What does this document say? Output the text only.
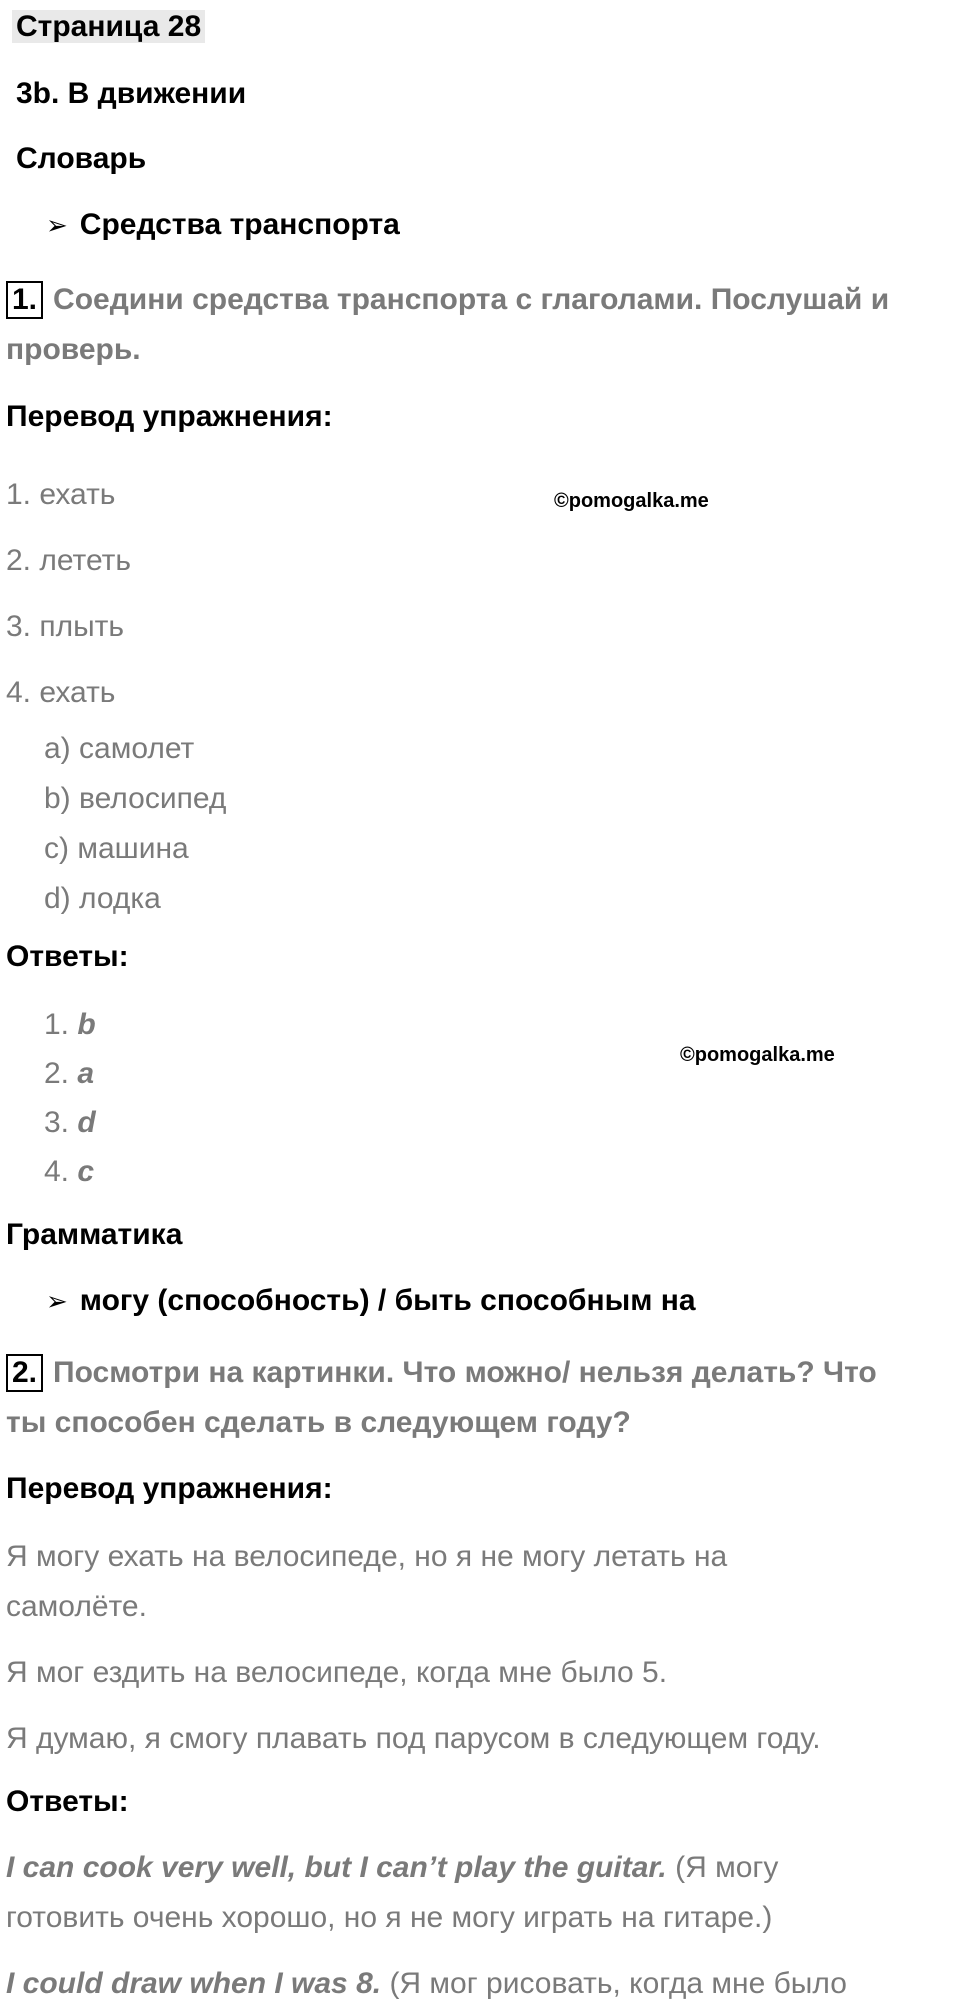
Страница 28
3b. В движении
Словарь
➢ Средства транспорта
1. Соедини средства транспорта с глаголами. Послушай и
проверь.
Перевод упражнения:
©pomogalka.me
1. ехать
2. лететь
3. плыть
4. ехать
a) самолет
b) велосипед
c) машина
d) лодка
Ответы:
1. b
2. a
3. d
4. c
©pomogalka.me
Грамматика
➢ могу (способность) / быть способным на
2. Посмотри на картинки. Что можно/ нельзя делать? Что
ты способен сделать в следующем году?
Перевод упражнения:
Я могу ехать на велосипеде, но я не могу летать на
самолёте.
Я мог ездить на велосипеде, когда мне было 5.
Я думаю, я смогу плавать под парусом в следующем году.
Ответы:
I can cook very well, but I can’t play the guitar. (Я могу
готовить очень хорошо, но я не могу играть на гитаре.)
I could draw when I was 8. (Я мог рисовать, когда мне было
